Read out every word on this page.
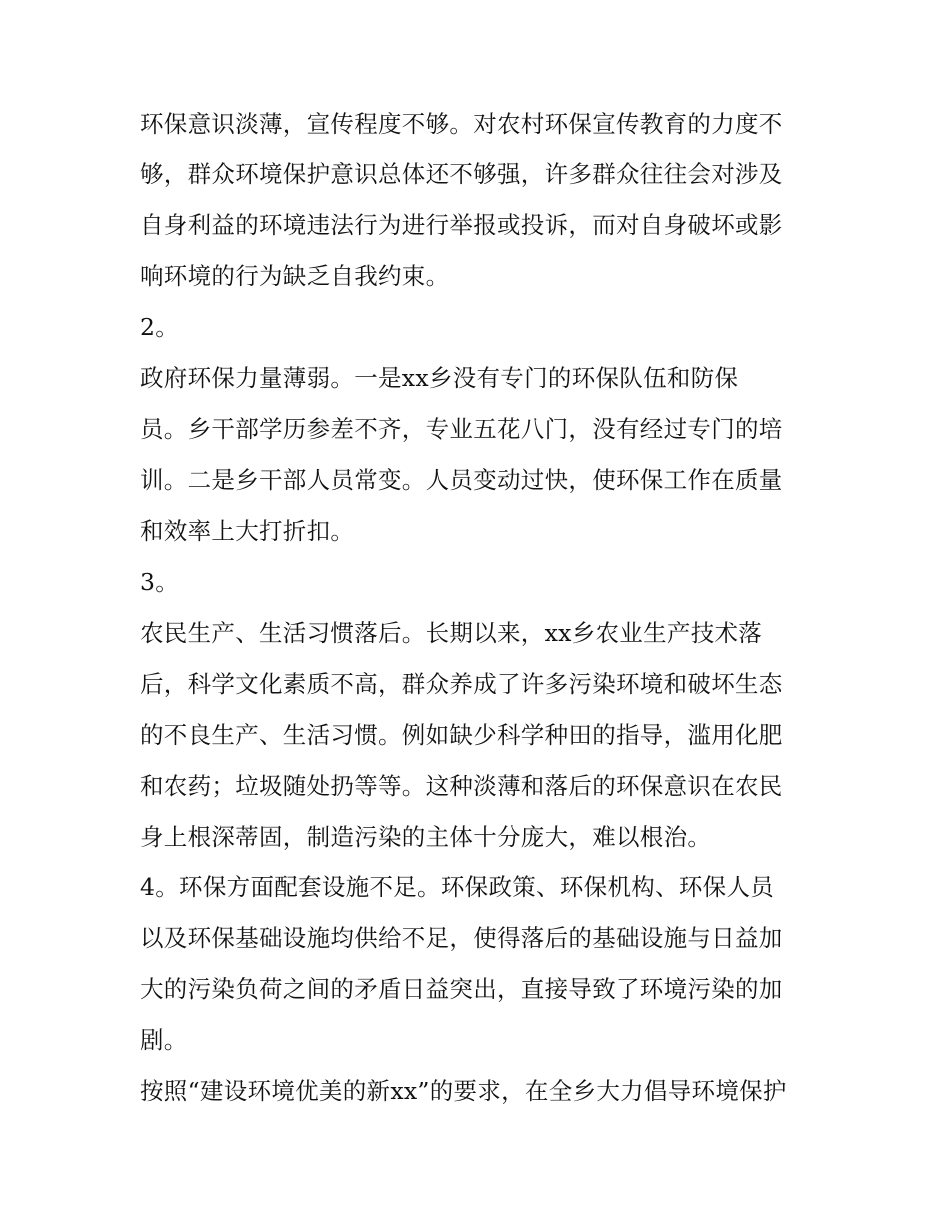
环保意识淡薄，宣传程度不够。对农村环保宣传教育的力度不
够，群众环境保护意识总体还不够强，许多群众往往会对涉及
自身利益的环境违法行为进行举报或投诉，而对自身破坏或影
响环境的行为缺乏自我约束。
2。
政府环保力量薄弱。一是xx乡没有专门的环保队伍和防保
员。乡干部学历参差不齐，专业五花八门，没有经过专门的培
训。二是乡干部人员常变。人员变动过快，使环保工作在质量
和效率上大打折扣。
3。
农民生产、生活习惯落后。长期以来，xx乡农业生产技术落
后，科学文化素质不高，群众养成了许多污染环境和破坏生态
的不良生产、生活习惯。例如缺少科学种田的指导，滥用化肥
和农药；垃圾随处扔等等。这种淡薄和落后的环保意识在农民
身上根深蒂固，制造污染的主体十分庞大，难以根治。
4。环保方面配套设施不足。环保政策、环保机构、环保人员
以及环保基础设施均供给不足，使得落后的基础设施与日益加
大的污染负荷之间的矛盾日益突出，直接导致了环境污染的加
剧。
按照“建设环境优美的新xx”的要求，在全乡大力倡导环境保护
